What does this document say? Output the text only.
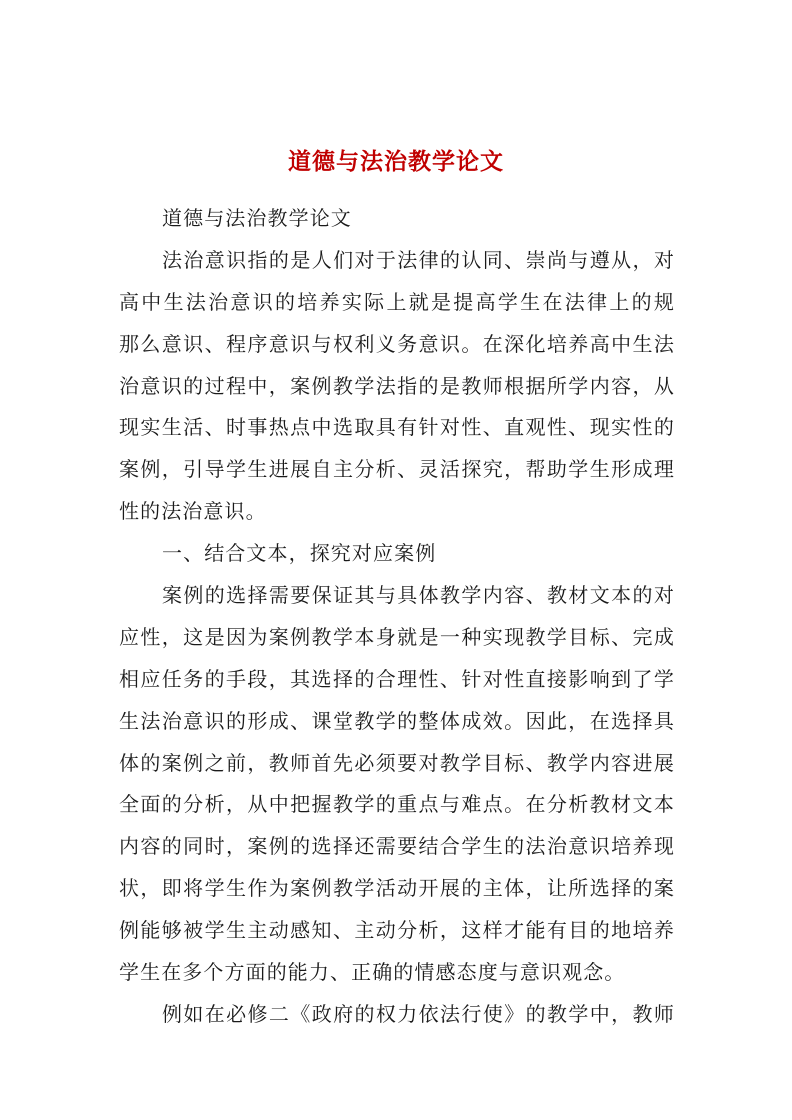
道德与法治教学论文
道德与法治教学论文
法治意识指的是人们对于法律的认同、崇尚与遵从，对
高中生法治意识的培养实际上就是提高学生在法律上的规
那么意识、程序意识与权利义务意识。在深化培养高中生法
治意识的过程中，案例教学法指的是教师根据所学内容，从
现实生活、时事热点中选取具有针对性、直观性、现实性的
案例，引导学生进展自主分析、灵活探究，帮助学生形成理
性的法治意识。
一、结合文本，探究对应案例
案例的选择需要保证其与具体教学内容、教材文本的对
应性，这是因为案例教学本身就是一种实现教学目标、完成
相应任务的手段，其选择的合理性、针对性直接影响到了学
生法治意识的形成、课堂教学的整体成效。因此，在选择具
体的案例之前，教师首先必须要对教学目标、教学内容进展
全面的分析，从中把握教学的重点与难点。在分析教材文本
内容的同时，案例的选择还需要结合学生的法治意识培养现
状，即将学生作为案例教学活动开展的主体，让所选择的案
例能够被学生主动感知、主动分析，这样才能有目的地培养
学生在多个方面的能力、正确的情感态度与意识观念。
例如在必修二《政府的权力依法行使》的教学中，教师
